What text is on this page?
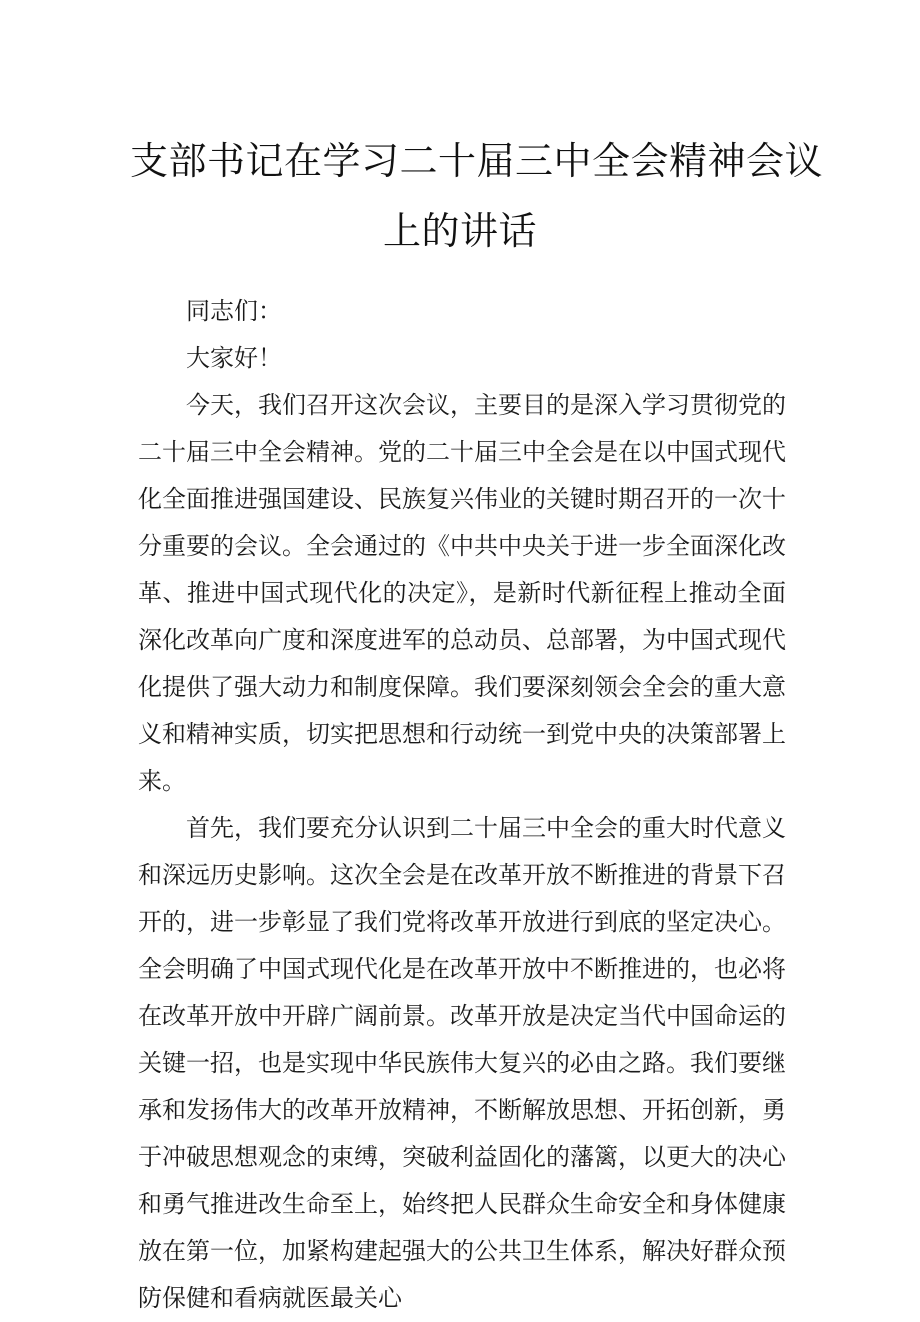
支部书记在学习二十届三中全会精神会议
上的讲话

同志们：

大家好！

今天，我们召开这次会议，主要目的是深入学习贯彻党的二十届三中全会精神。党的二十届三中全会是在以中国式现代化全面推进强国建设、民族复兴伟业的关键时期召开的一次十分重要的会议。全会通过的《中共中央关于进一步全面深化改革、推进中国式现代化的决定》，是新时代新征程上推动全面深化改革向广度和深度进军的总动员、总部署，为中国式现代化提供了强大动力和制度保障。我们要深刻领会全会的重大意义和精神实质，切实把思想和行动统一到党中央的决策部署上来。

首先，我们要充分认识到二十届三中全会的重大时代意义和深远历史影响。这次全会是在改革开放不断推进的背景下召开的，进一步彰显了我们党将改革开放进行到底的坚定决心。全会明确了中国式现代化是在改革开放中不断推进的，也必将在改革开放中开辟广阔前景。改革开放是决定当代中国命运的关键一招，也是实现中华民族伟大复兴的必由之路。我们要继承和发扬伟大的改革开放精神，不断解放思想、开拓创新，勇于冲破思想观念的束缚，突破利益固化的藩篱，以更大的决心和勇气推进改生命至上，始终把人民群众生命安全和身体健康放在第一位，加紧构建起强大的公共卫生体系，解决好群众预防保健和看病就医最关心
